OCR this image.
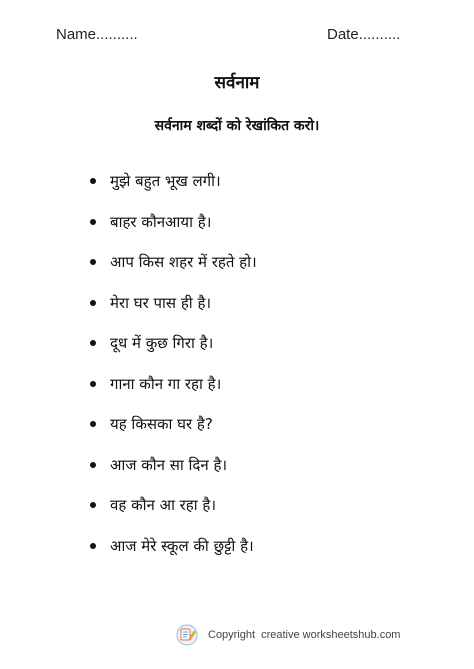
Name..........	Date..........
सर्वनाम
सर्वनाम शब्दों को रेखांकित करो।
मुझे बहुत भूख लगी।
बाहर कौनआया है।
आप किस शहर में रहते हो।
मेरा घर पास ही है।
दूध में कुछ गिरा है।
गाना कौन गा रहा है।
यह किसका घर है?
आज कौन सा दिन है।
वह कौन आ रहा है।
आज मेरे स्कूल की छुट्टी है।
Copyright creative worksheetshub.com
